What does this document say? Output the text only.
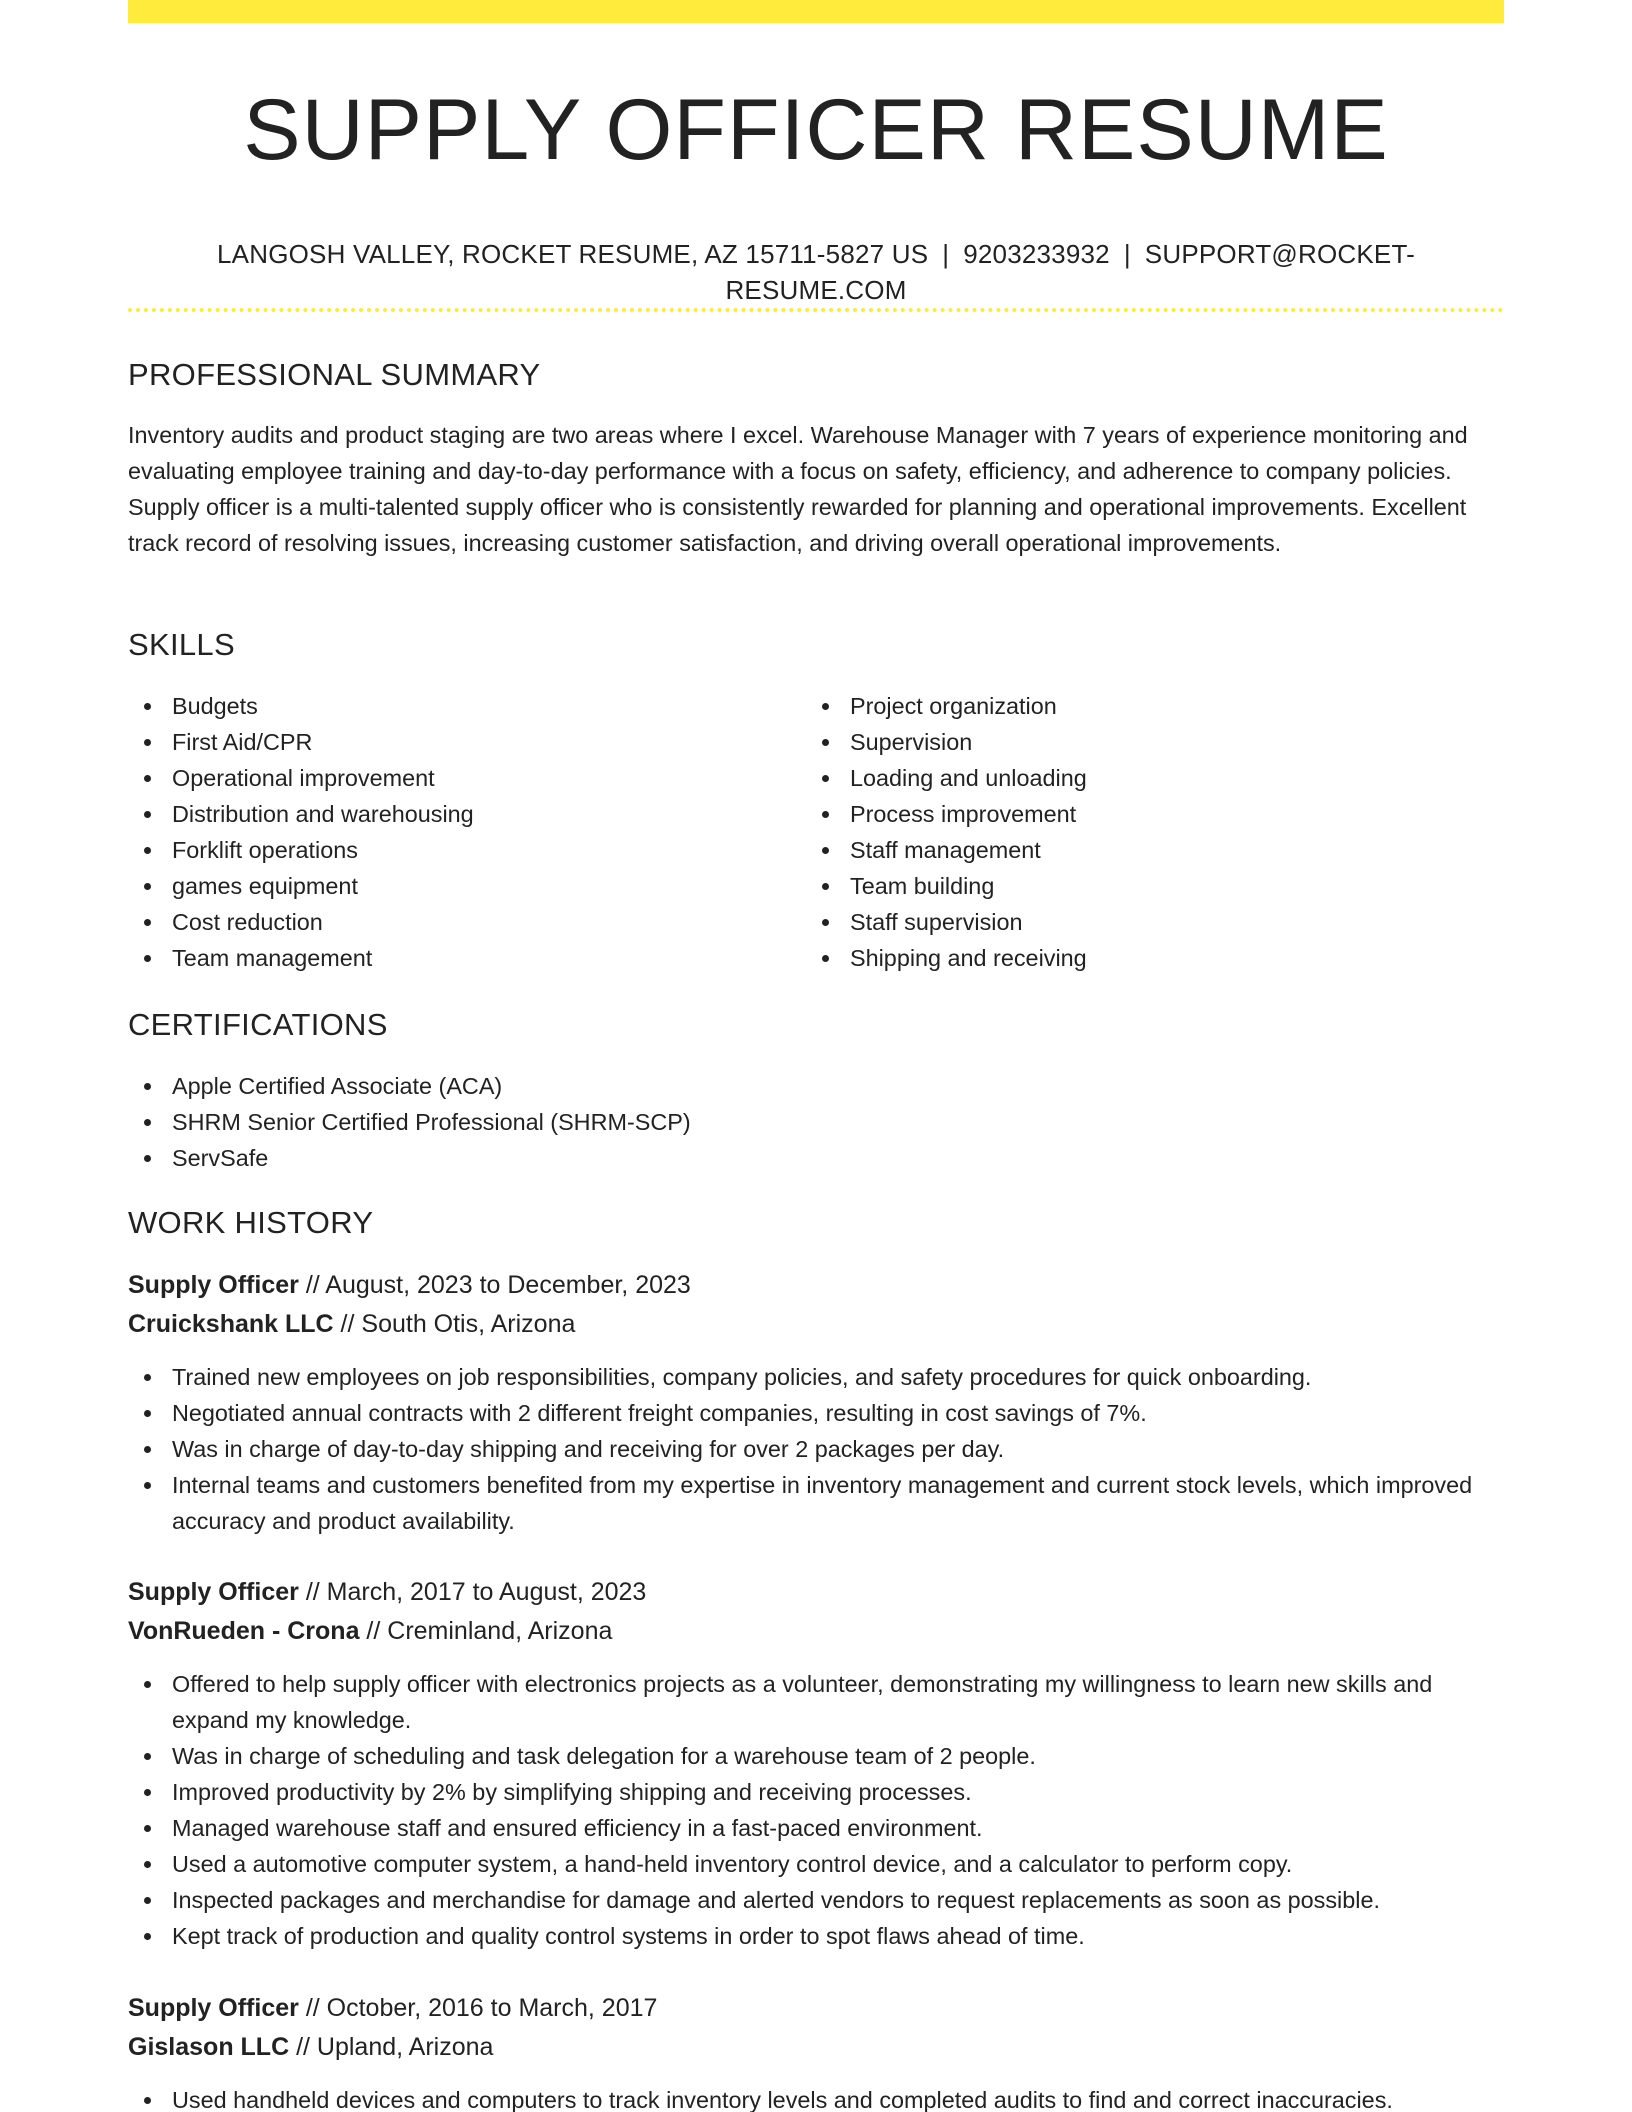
SUPPLY OFFICER RESUME
LANGOSH VALLEY, ROCKET RESUME, AZ 15711-5827 US | 9203233932 | SUPPORT@ROCKET-RESUME.COM
PROFESSIONAL SUMMARY

Inventory audits and product staging are two areas where I excel. Warehouse Manager with 7 years of experience monitoring and evaluating employee training and day-to-day performance with a focus on safety, efficiency, and adherence to company policies. Supply officer is a multi-talented supply officer who is consistently rewarded for planning and operational improvements. Excellent track record of resolving issues, increasing customer satisfaction, and driving overall operational improvements.

SKILLS
Budgets
First Aid/CPR
Operational improvement
Distribution and warehousing
Forklift operations
games equipment
Cost reduction
Team management
Project organization
Supervision
Loading and unloading
Process improvement
Staff management
Team building
Staff supervision
Shipping and receiving
CERTIFICATIONS
Apple Certified Associate (ACA)
SHRM Senior Certified Professional (SHRM-SCP)
ServSafe
WORK HISTORY
Supply Officer // August, 2023 to December, 2023
Cruickshank LLC // South Otis, Arizona
Trained new employees on job responsibilities, company policies, and safety procedures for quick onboarding.
Negotiated annual contracts with 2 different freight companies, resulting in cost savings of 7%.
Was in charge of day-to-day shipping and receiving for over 2 packages per day.
Internal teams and customers benefited from my expertise in inventory management and current stock levels, which improved accuracy and product availability.
Supply Officer // March, 2017 to August, 2023
VonRueden - Crona // Creminland, Arizona
Offered to help supply officer with electronics projects as a volunteer, demonstrating my willingness to learn new skills and expand my knowledge.
Was in charge of scheduling and task delegation for a warehouse team of 2 people.
Improved productivity by 2% by simplifying shipping and receiving processes.
Managed warehouse staff and ensured efficiency in a fast-paced environment.
Used a automotive computer system, a hand-held inventory control device, and a calculator to perform copy.
Inspected packages and merchandise for damage and alerted vendors to request replacements as soon as possible.
Kept track of production and quality control systems in order to spot flaws ahead of time.
Supply Officer // October, 2016 to March, 2017
Gislason LLC // Upland, Arizona
Used handheld devices and computers to track inventory levels and completed audits to find and correct inaccuracies.
